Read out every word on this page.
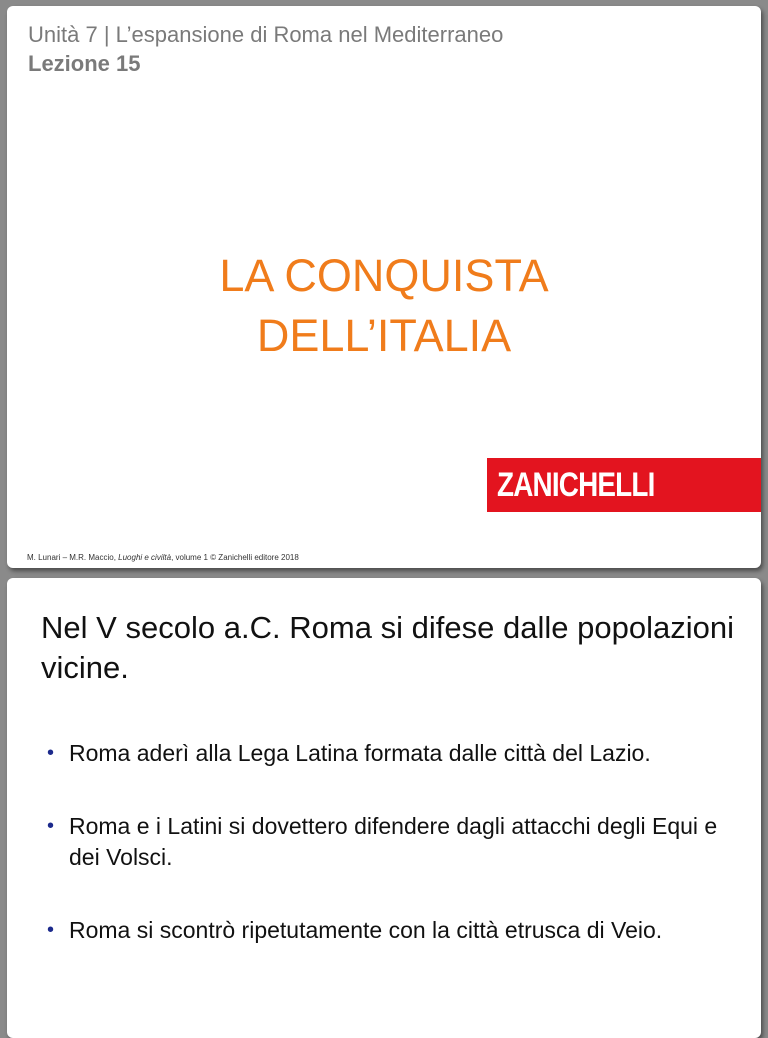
Unità 7 | L’espansione di Roma nel Mediterraneo
Lezione 15
LA CONQUISTA
DELL’ITALIA
ZANICHELLI
M. Lunari – M.R. Maccio, Luoghi e civiltà, volume 1 © Zanichelli editore 2018
Nel V secolo a.C. Roma si difese dalle popolazioni vicine.
• Roma aderì alla Lega Latina formata dalle città del Lazio.
• Roma e i Latini si dovettero difendere dagli attacchi degli Equi e dei Volsci.
• Roma si scontrò ripetutamente con la città etrusca di Veio.
